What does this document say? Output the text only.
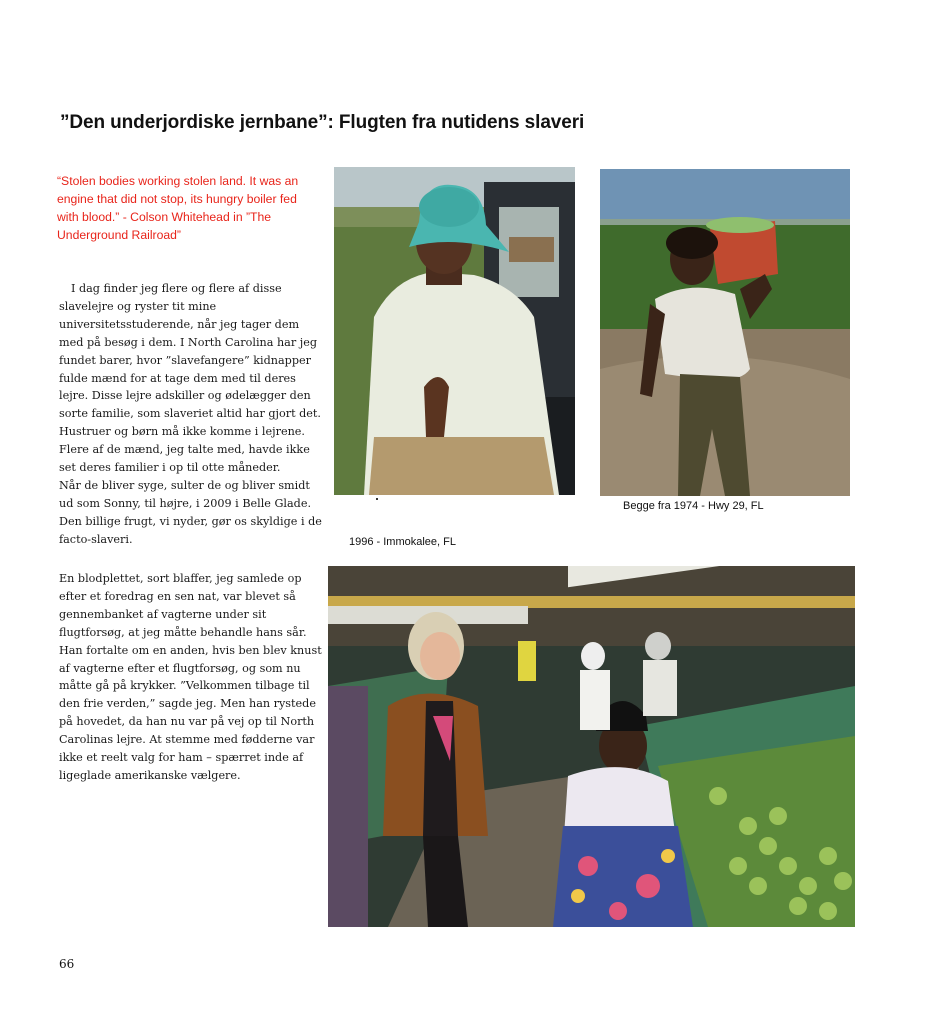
”Den underjordiske jernbane”: Flugten fra nutidens slaveri

“Stolen bodies working stolen land. It was an engine that did not stop, its hungry boiler fed with blood.” - Colson Whitehead in ”The Underground Railroad”

I dag finder jeg flere og flere af disse slavelejre og ryster tit mine universitetsstuderende, når jeg tager dem med på besøg i dem. I North Carolina har jeg fundet barer, hvor ”slavefangere” kidnapper fulde mænd for at tage dem med til deres lejre. Disse lejre adskiller og ødelægger den sorte familie, som slaveriet altid har gjort det. Hustruer og børn må ikke komme i lejrene. Flere af de mænd, jeg talte med, havde ikke set deres familier i op til otte måneder.
Når de bliver syge, sulter de og bliver smidt ud som Sonny, til højre, i 2009 i Belle Glade. Den billige frugt, vi nyder, gør os skyldige i de facto-slaveri.
En blodplettet, sort blaffer, jeg samlede op efter et foredrag en sen nat, var blevet så gennembanket af vagterne under sit flugtforsøg, at jeg måtte behandle hans sår. Han fortalte om en anden, hvis ben blev knust af vagterne efter et flugtforsøg, og som nu måtte gå på krykker. ”Velkommen tilbage til den frie verden,” sagde jeg. Men han rystede på hovedet, da han nu var på vej op til North Carolinas lejre. At stemme med fødderne var ikke et reelt valg for ham – spærret inde af ligeglade amerikanske vælgere.

Begge fra 1974 - Hwy 29, FL

1996 - Immokalee, FL

66
